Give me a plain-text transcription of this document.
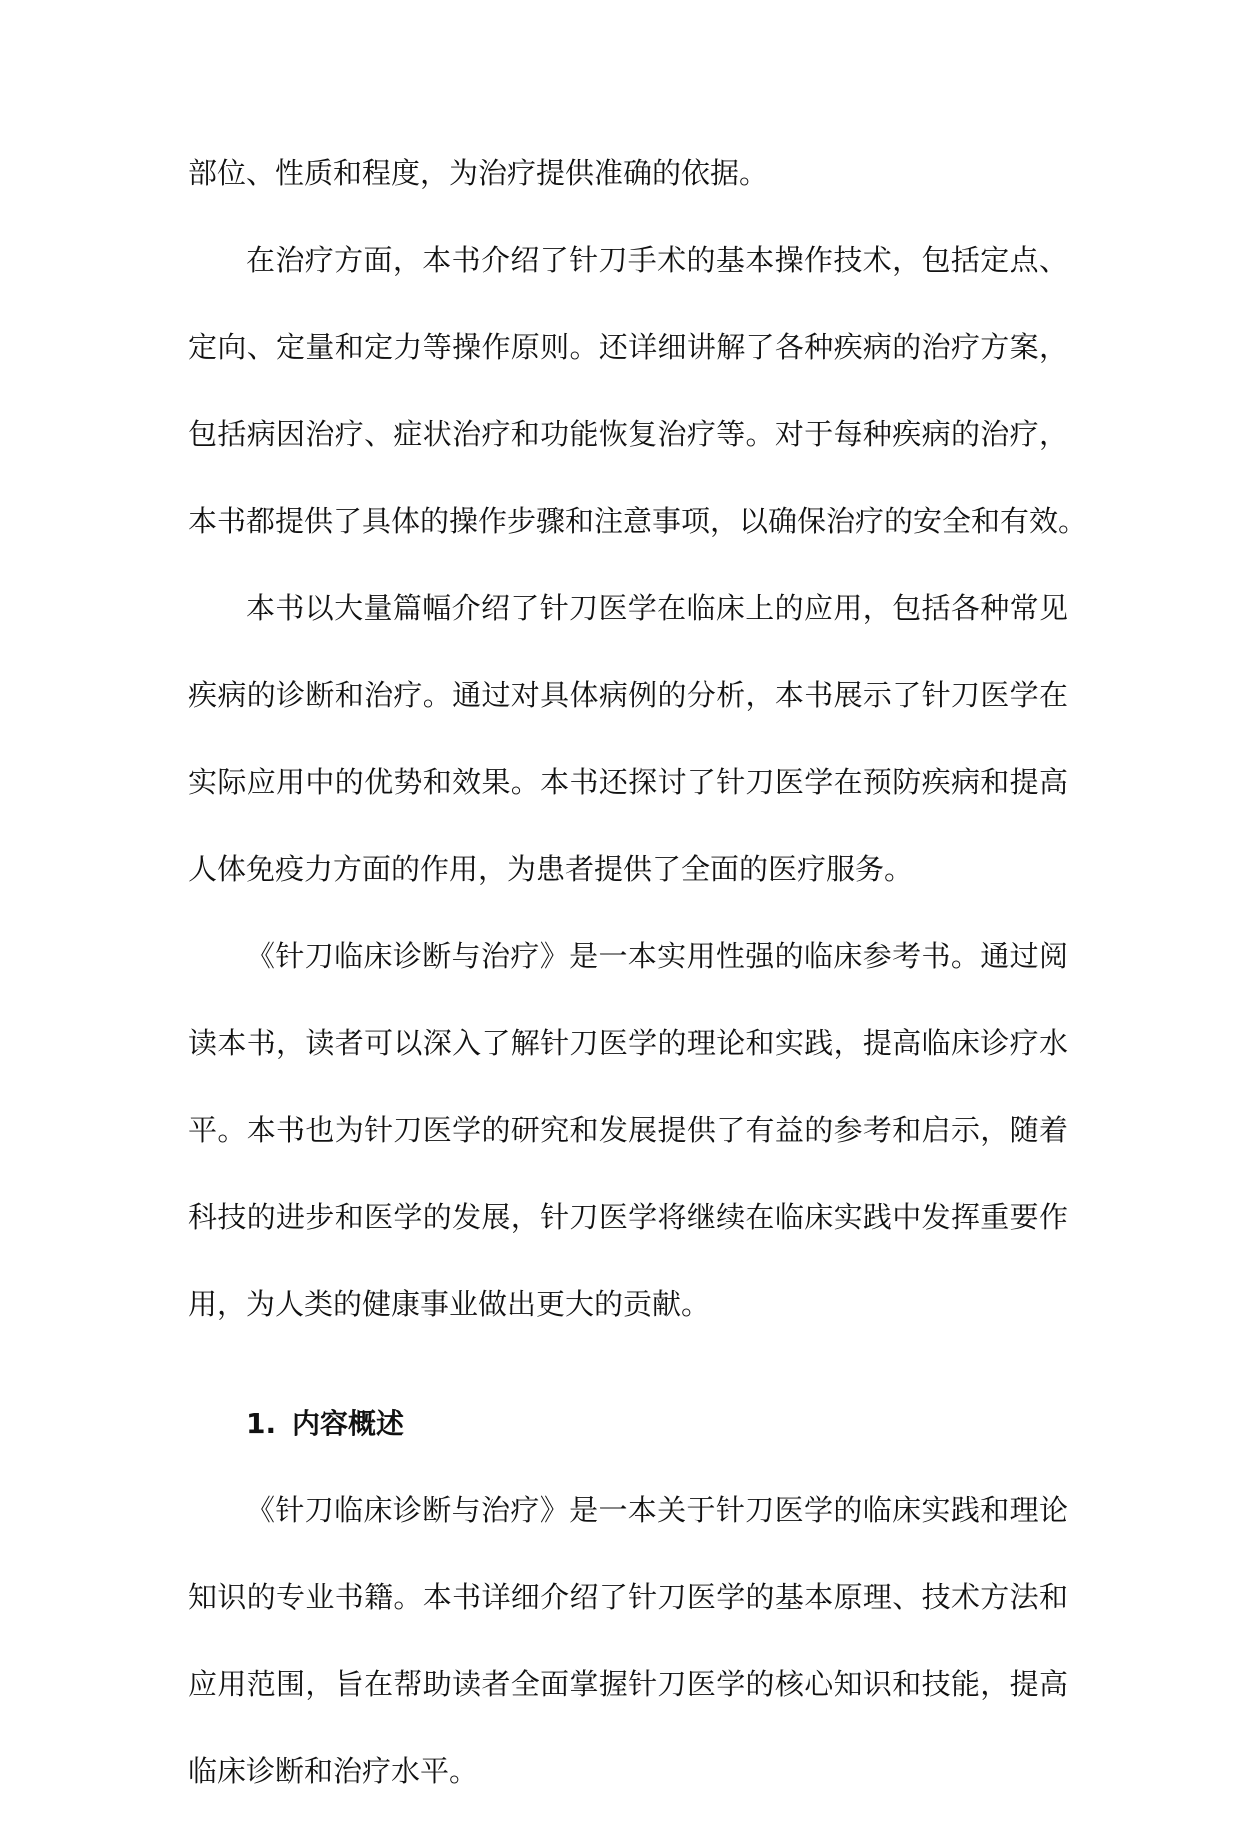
部位、性质和程度，为治疗提供准确的依据。
在治疗方面，本书介绍了针刀手术的基本操作技术，包括定点、
定向、定量和定力等操作原则。还详细讲解了各种疾病的治疗方案，
包括病因治疗、症状治疗和功能恢复治疗等。对于每种疾病的治疗，
本书都提供了具体的操作步骤和注意事项，以确保治疗的安全和有效。
本书以大量篇幅介绍了针刀医学在临床上的应用，包括各种常见
疾病的诊断和治疗。通过对具体病例的分析，本书展示了针刀医学在
实际应用中的优势和效果。本书还探讨了针刀医学在预防疾病和提高
人体免疫力方面的作用，为患者提供了全面的医疗服务。
《针刀临床诊断与治疗》是一本实用性强的临床参考书。通过阅
读本书，读者可以深入了解针刀医学的理论和实践，提高临床诊疗水
平。本书也为针刀医学的研究和发展提供了有益的参考和启示，随着
科技的进步和医学的发展，针刀医学将继续在临床实践中发挥重要作
用，为人类的健康事业做出更大的贡献。
1. 内容概述
《针刀临床诊断与治疗》是一本关于针刀医学的临床实践和理论
知识的专业书籍。本书详细介绍了针刀医学的基本原理、技术方法和
应用范围，旨在帮助读者全面掌握针刀医学的核心知识和技能，提高
临床诊断和治疗水平。
